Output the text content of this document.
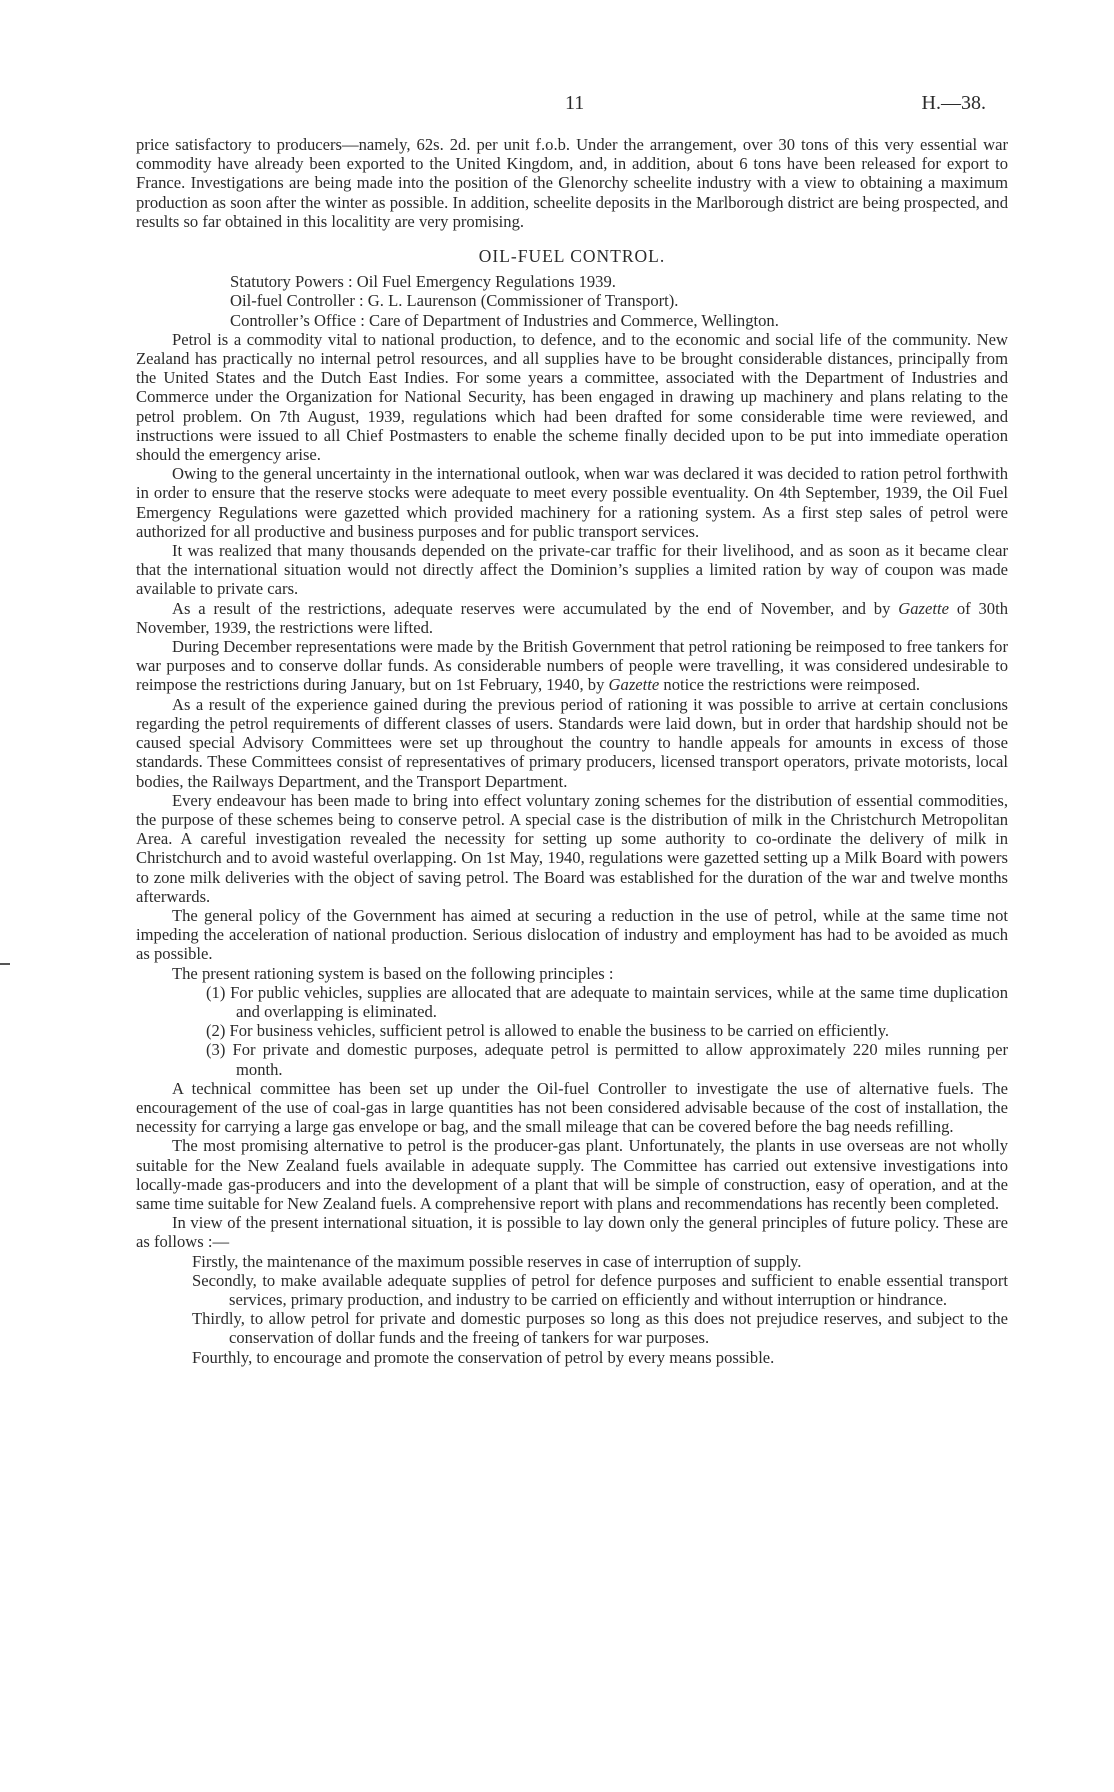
11	H.—38.

price satisfactory to producers—namely, 62s. 2d. per unit f.o.b. Under the arrangement, over 30 tons of this very essential war commodity have already been exported to the United Kingdom, and, in addition, about 6 tons have been released for export to France. Investigations are being made into the position of the Glenorchy scheelite industry with a view to obtaining a maximum production as soon after the winter as possible. In addition, scheelite deposits in the Marlborough district are being prospected, and results so far obtained in this localitity are very promising.

OIL-FUEL CONTROL.

Statutory Powers : Oil Fuel Emergency Regulations 1939.

Oil-fuel Controller : G. L. Laurenson (Commissioner of Transport).

Controller’s Office : Care of Department of Industries and Commerce, Wellington.

Petrol is a commodity vital to national production, to defence, and to the economic and social life of the community. New Zealand has practically no internal petrol resources, and all supplies have to be brought considerable distances, principally from the United States and the Dutch East Indies. For some years a committee, associated with the Department of Industries and Commerce under the Organization for National Security, has been engaged in drawing up machinery and plans relating to the petrol problem. On 7th August, 1939, regulations which had been drafted for some considerable time were reviewed, and instructions were issued to all Chief Postmasters to enable the scheme finally decided upon to be put into immediate operation should the emergency arise.

Owing to the general uncertainty in the international outlook, when war was declared it was decided to ration petrol forthwith in order to ensure that the reserve stocks were adequate to meet every possible eventuality. On 4th September, 1939, the Oil Fuel Emergency Regulations were gazetted which provided machinery for a rationing system. As a first step sales of petrol were authorized for all productive and business purposes and for public transport services.

It was realized that many thousands depended on the private-car traffic for their livelihood, and as soon as it became clear that the international situation would not directly affect the Dominion’s supplies a limited ration by way of coupon was made available to private cars.

As a result of the restrictions, adequate reserves were accumulated by the end of November, and by Gazette of 30th November, 1939, the restrictions were lifted.

During December representations were made by the British Government that petrol rationing be reimposed to free tankers for war purposes and to conserve dollar funds. As considerable numbers of people were travelling, it was considered undesirable to reimpose the restrictions during January, but on 1st February, 1940, by Gazette notice the restrictions were reimposed.

As a result of the experience gained during the previous period of rationing it was possible to arrive at certain conclusions regarding the petrol requirements of different classes of users. Standards were laid down, but in order that hardship should not be caused special Advisory Committees were set up throughout the country to handle appeals for amounts in excess of those standards. These Committees consist of representatives of primary producers, licensed transport operators, private motorists, local bodies, the Railways Department, and the Transport Department.

Every endeavour has been made to bring into effect voluntary zoning schemes for the distribution of essential commodities, the purpose of these schemes being to conserve petrol. A special case is the distribution of milk in the Christchurch Metropolitan Area. A careful investigation revealed the necessity for setting up some authority to co-ordinate the delivery of milk in Christchurch and to avoid wasteful overlapping. On 1st May, 1940, regulations were gazetted setting up a Milk Board with powers to zone milk deliveries with the object of saving petrol. The Board was established for the duration of the war and twelve months afterwards.

The general policy of the Government has aimed at securing a reduction in the use of petrol, while at the same time not impeding the acceleration of national production. Serious dislocation of industry and employment has had to be avoided as much as possible.

The present rationing system is based on the following principles :

(1) For public vehicles, supplies are allocated that are adequate to maintain services, while at the same time duplication and overlapping is eliminated.

(2) For business vehicles, sufficient petrol is allowed to enable the business to be carried on efficiently.

(3) For private and domestic purposes, adequate petrol is permitted to allow approximately 220 miles running per month.

A technical committee has been set up under the Oil-fuel Controller to investigate the use of alternative fuels. The encouragement of the use of coal-gas in large quantities has not been considered advisable because of the cost of installation, the necessity for carrying a large gas envelope or bag, and the small mileage that can be covered before the bag needs refilling.

The most promising alternative to petrol is the producer-gas plant. Unfortunately, the plants in use overseas are not wholly suitable for the New Zealand fuels available in adequate supply. The Committee has carried out extensive investigations into locally-made gas-producers and into the development of a plant that will be simple of construction, easy of operation, and at the same time suitable for New Zealand fuels. A comprehensive report with plans and recommendations has recently been completed.

In view of the present international situation, it is possible to lay down only the general principles of future policy. These are as follows :—

Firstly, the maintenance of the maximum possible reserves in case of interruption of supply.

Secondly, to make available adequate supplies of petrol for defence purposes and sufficient to enable essential transport services, primary production, and industry to be carried on efficiently and without interruption or hindrance.

Thirdly, to allow petrol for private and domestic purposes so long as this does not prejudice reserves, and subject to the conservation of dollar funds and the freeing of tankers for war purposes.

Fourthly, to encourage and promote the conservation of petrol by every means possible.
